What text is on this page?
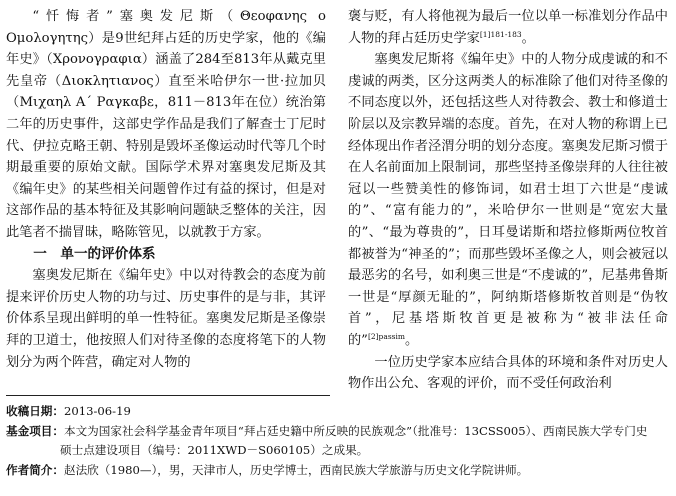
“忏悔者”塞奥发尼斯（Θεοφανης ο Ομολογητης）是9世纪拜占廷的历史学家，他的《编年史》（Χρονογραφια）涵盖了284至813年从戴克里先皇帝（Διοκλητιανος）直至米哈伊尔一世·拉加贝（Μιχαηλ Α΄ Ραγκαβε，811－813年在位）统治第二年的历史事件，这部史学作品是我们了解查士丁尼时代、伊拉克略王朝、特别是毁坏圣像运动时代等几个时期最重要的原始文献。国际学术界对塞奥发尼斯及其《编年史》的某些相关问题曾作过有益的探讨，但是对这部作品的基本特征及其影响问题缺乏整体的关注，因此笔者不揣冒昧，略陈管见，以就教于方家。

一　单一的评价体系

塞奥发尼斯在《编年史》中以对待教会的态度为前提来评价历史人物的功与过、历史事件的是与非，其评价体系呈现出鲜明的单一性特征。塞奥发尼斯是圣像崇拜的卫道士，他按照人们对待圣像的态度将笔下的人物划分为两个阵营，确定对人物的

褒与贬，有人将他视为最后一位以单一标准划分作品中人物的拜占廷历史学家$^{[1]181-183}$。

塞奥发尼斯将《编年史》中的人物分成虔诚的和不虔诚的两类，区分这两类人的标准除了他们对待圣像的不同态度以外，还包括这些人对待教会、教士和修道士阶层以及宗教异端的态度。首先，在对人物的称谓上已经体现出作者泾渭分明的划分态度。塞奥发尼斯习惯于在人名前面加上限制词，那些坚持圣像崇拜的人往往被冠以一些赞美性的修饰词，如君士坦丁六世是“虔诚的”、“富有能力的”，米哈伊尔一世则是“宽宏大量的”、“最为尊贵的”，日耳曼诺斯和塔拉修斯两位牧首都被誉为“神圣的”；而那些毁坏圣像之人，则会被冠以最恶劣的名号，如利奥三世是“不虔诚的”，尼基弗鲁斯一世是“厚颜无耻的”，阿纳斯塔修斯牧首则是“伪牧首”，尼基塔斯牧首更是被称为“被非法任命的”$^{[2]passim}$。

一位历史学家本应结合具体的环境和条件对历史人物作出公允、客观的评价，而不受任何政治利

收稿日期：2013-06-19

基金项目：本文为国家社会科学基金青年项目“拜占廷史籍中所反映的民族观念”（批准号：13CSS005）、西南民族大学专门史

硕士点建设项目（编号：2011XWD－S060105）之成果。

作者简介：赵法欣（1980—），男，天津市人，历史学博士，西南民族大学旅游与历史文化学院讲师。
